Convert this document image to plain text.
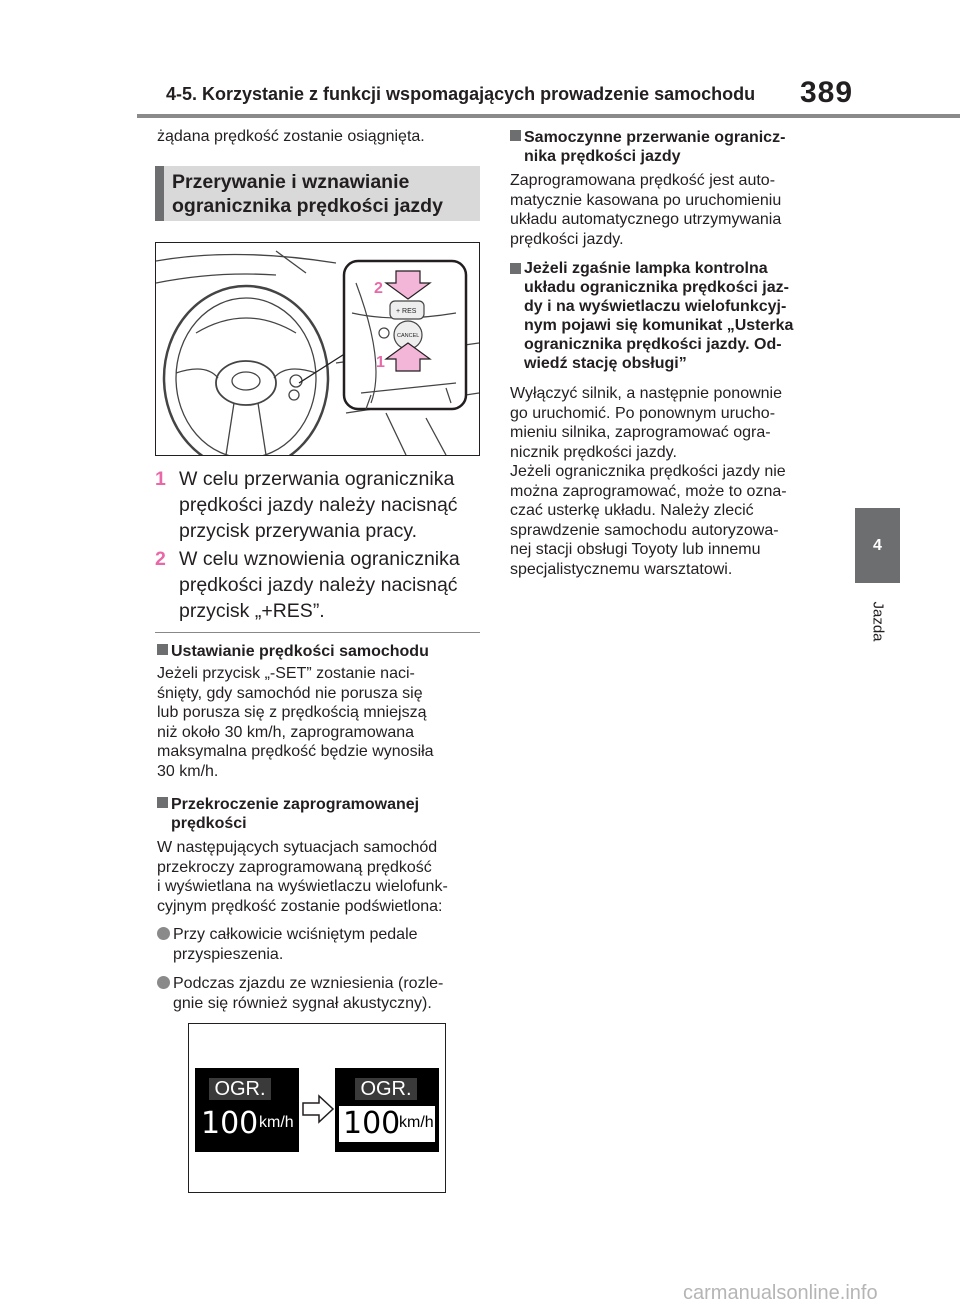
4-5. Korzystanie z funkcji wspomagających prowadzenie samochodu 389
4
Jazda
żądana prędkość zostanie osiągnięta.
Przerywanie i wznawianie
ogranicznika prędkości jazdy
+ RES
CANCEL
2
1
1 W celu przerwania ogranicznika prędkości jazdy należy nacisnąć przycisk przerywania pracy.
2 W celu wznowienia ogranicznika prędkości jazdy należy nacisnąć przycisk „+RES”.
Ustawianie prędkości samochodu
Jeżeli przycisk „-SET” zostanie naci-
śnięty, gdy samochód nie porusza się
lub porusza się z prędkością mniejszą
niż około 30 km/h, zaprogramowana
maksymalna prędkość będzie wynosiła
30 km/h.
Przekroczenie zaprogramowanej
prędkości
W następujących sytuacjach samochód
przekroczy zaprogramowaną prędkość
i wyświetlana na wyświetlaczu wielofunk-
cyjnym prędkość zostanie podświetlona:
Przy całkowicie wciśniętym pedale
przyspieszenia.
Podczas zjazdu ze wzniesienia (rozle-
gnie się również sygnał akustyczny).
OGR.
100 km/h
OGR.
100
km/h
Samoczynne przerwanie ogranicz-
nika prędkości jazdy
Zaprogramowana prędkość jest auto-
matycznie kasowana po uruchomieniu
układu automatycznego utrzymywania
prędkości jazdy.
Jeżeli zgaśnie lampka kontrolna
układu ogranicznika prędkości jaz-
dy i na wyświetlaczu wielofunkcyj-
nym pojawi się komunikat „Usterka
ogranicznika prędkości jazdy. Od-
wiedź stację obsługi”
Wyłączyć silnik, a następnie ponownie
go uruchomić. Po ponownym urucho-
mieniu silnika, zaprogramować ogra-
nicznik prędkości jazdy.
Jeżeli ogranicznika prędkości jazdy nie
można zaprogramować, może to ozna-
czać usterkę układu. Należy zlecić
sprawdzenie samochodu autoryzowa-
nej stacji obsługi Toyoty lub innemu
specjalistycznemu warsztatowi.
carmanualsonline.info
